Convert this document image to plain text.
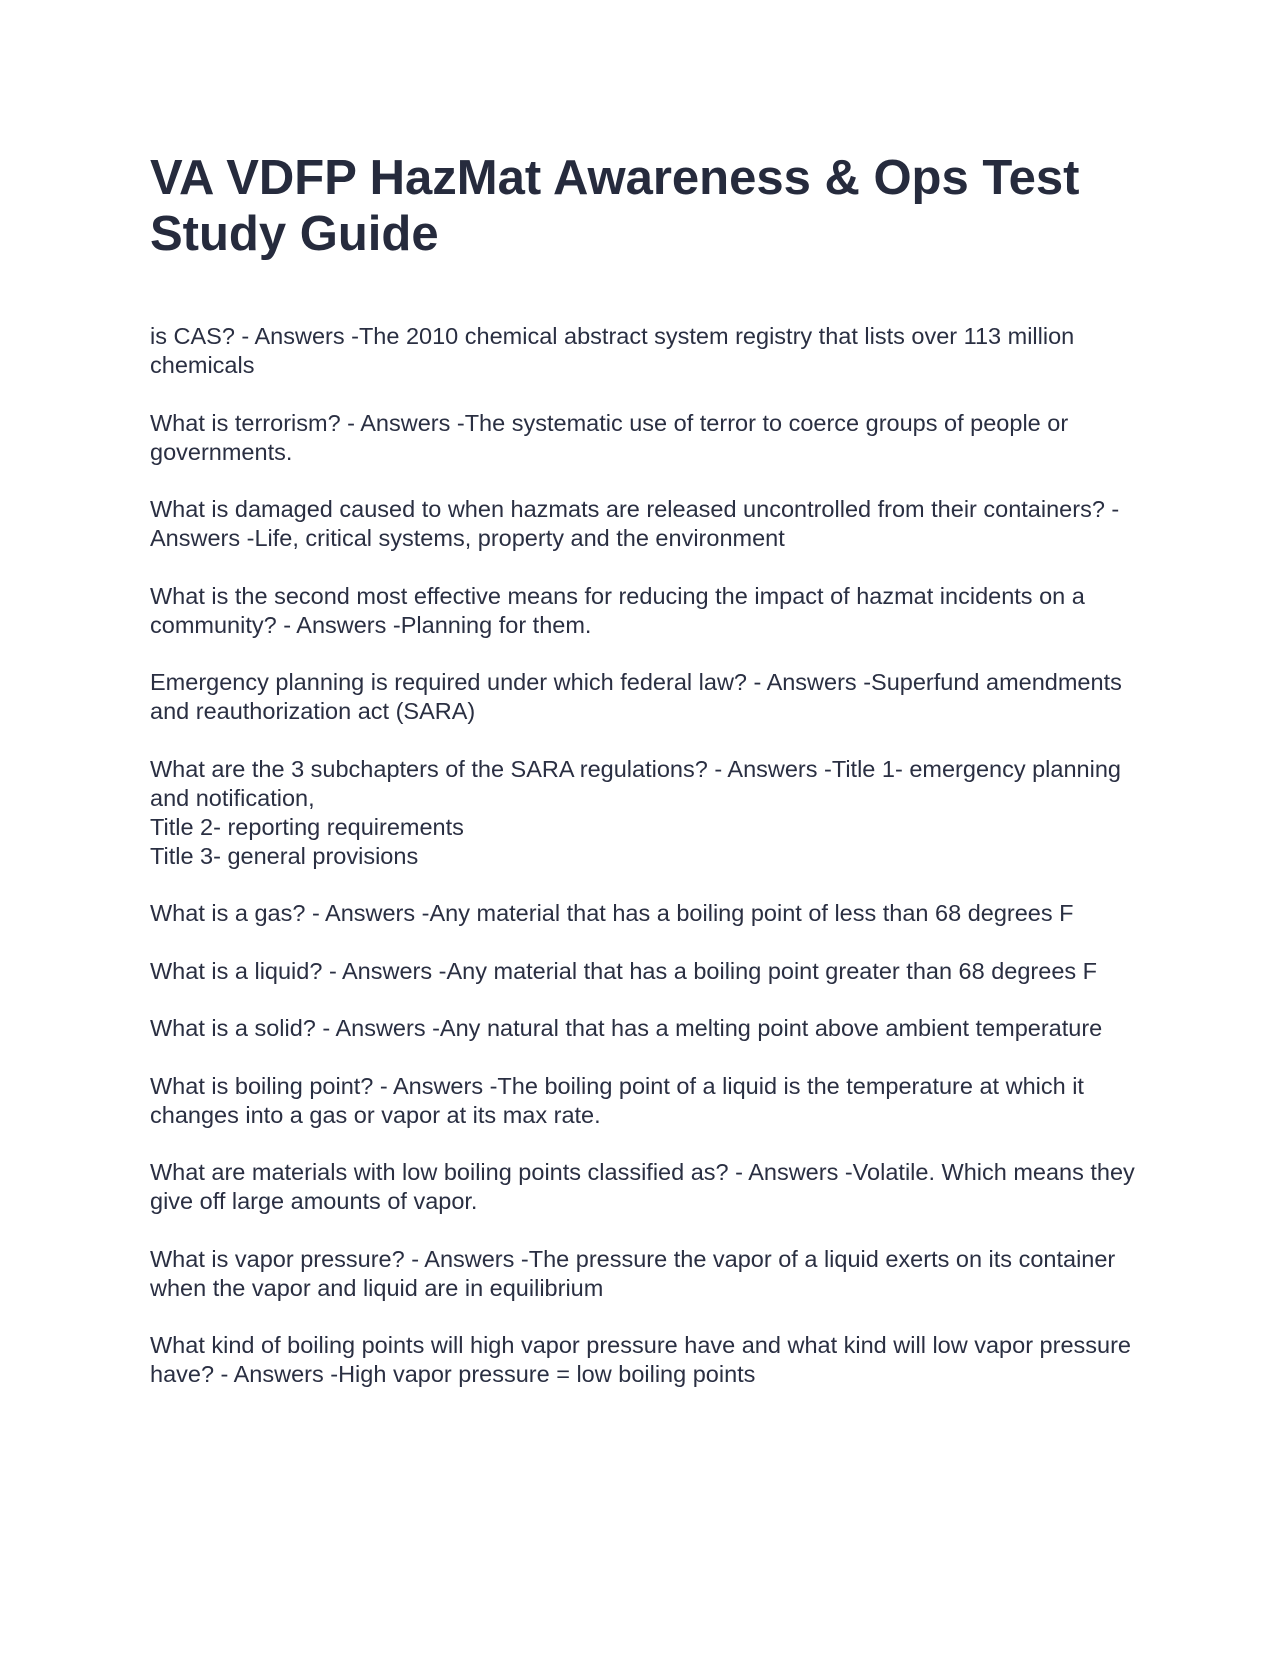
VA VDFP HazMat Awareness & Ops Test Study Guide

is CAS? - Answers -The 2010 chemical abstract system registry that lists over 113 million chemicals

What is terrorism? - Answers -The systematic use of terror to coerce groups of people or governments.

What is damaged caused to when hazmats are released uncontrolled from their containers? - Answers -Life, critical systems, property and the environment

What is the second most effective means for reducing the impact of hazmat incidents on a community? - Answers -Planning for them.

Emergency planning is required under which federal law? - Answers -Superfund amendments and reauthorization act (SARA)

What are the 3 subchapters of the SARA regulations? - Answers -Title 1- emergency planning and notification,
Title 2- reporting requirements
Title 3- general provisions

What is a gas? - Answers -Any material that has a boiling point of less than 68 degrees F

What is a liquid? - Answers -Any material that has a boiling point greater than 68 degrees F

What is a solid? - Answers -Any natural that has a melting point above ambient temperature

What is boiling point? - Answers -The boiling point of a liquid is the temperature at which it changes into a gas or vapor at its max rate.

What are materials with low boiling points classified as? - Answers -Volatile. Which means they give off large amounts of vapor.

What is vapor pressure? - Answers -The pressure the vapor of a liquid exerts on its container when the vapor and liquid are in equilibrium

What kind of boiling points will high vapor pressure have and what kind will low vapor pressure have? - Answers -High vapor pressure = low boiling points
